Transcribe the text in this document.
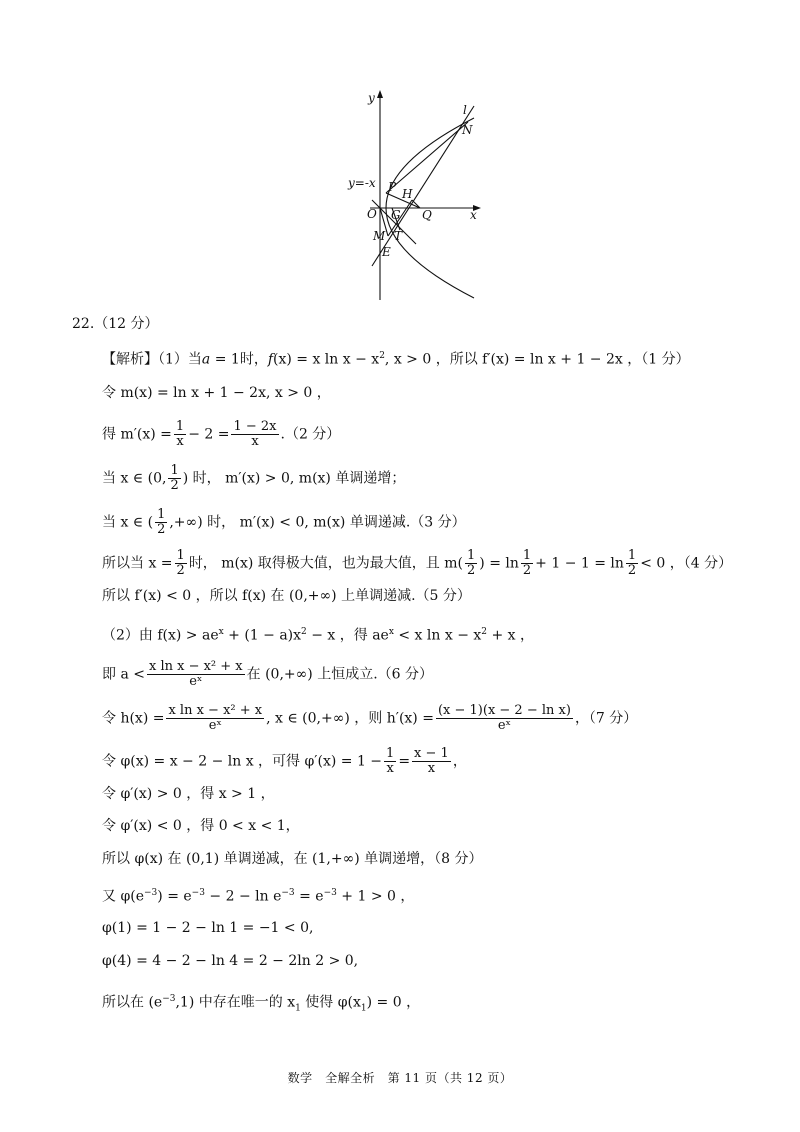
y
l
N
y=-x P H
O G Q	x
M T
E
22.（12 分）
【解析】（1）当a = 1时，f(x) = x $\ln x - x^2$, x > 0 ，所以 f′(x) = ln x + 1 − 2x ，（1 分）
令 m(x) = ln x + 1 − 2x, x > 0 ，
得 $m'(x) = \frac{1}{x} - 2 = \frac{1 - 2x}{x} .(2$ 分）
当 x ∈ (0, $\frac{1}{2}$ ) 时， m′(x) > 0, m(x) 单调递增；
当 x ∈ ( $\frac{1}{2}$ ,+∞) 时， m′(x) < 0, m(x) 单调递减.（3 分）
所以当 $x = \frac{1}{2}$ 时， m(x) 取得极大值，也为最大值，且 $m( \frac{1}{2}$ ) = $\ln \frac{1}{2} + 1 - 1 = \ln \frac{1}{2} < 0$ ，（4 分）
所以 f′(x) < 0 ，所以 f(x) 在 (0,+∞) 上单调递减.（5 分）
（2）由 $f(x) > ae^x + (1 - a)x^2 - x$ ，得 $ae^x < x$ $\ln x - x^2 + x$ ，
即 $a < \frac{\text{x ln x − x² + x}}{\text{eˣ}}$ 在 (0,+∞) 上恒成立.（6 分）
令 $h(x) = \frac{\text{x ln x − x² + x}}{\text{eˣ}}$ , x ∈ (0,+∞) ，则 $h'(x) = \frac{\text{(x − 1)(x − 2 − ln x)}}{\text{eˣ}}$ ，（7 分）
令 φ(x) = x − 2 − ln x ，可得 $\varphi'(x) = 1 - \frac{1}{x} = \frac{x - 1}{x}$ ，
令 φ′(x) > 0 ，得 x > 1 ，
令 φ′(x) < 0 ，得 0 < x < 1，
所以 φ(x) 在 (0,1) 单调递减，在 (1,+∞) 单调递增，（8 分）
又 $\varphi(e^{-3}) = e^{-3} - 2 - \ln e^{-3} = e^{-3} + 1 > 0$ ，
φ(1) = 1 − 2 − ln 1 = −1 < 0,
φ(4) = 4 − 2 − ln 4 = 2 − 2ln 2 > 0,
所以在 $(e^{-3},1)$ 中存在唯一的 $x_1$ 使得 $\varphi(x_1) = 0$ ，
数学　全解全析　第 11 页（共 12 页）
